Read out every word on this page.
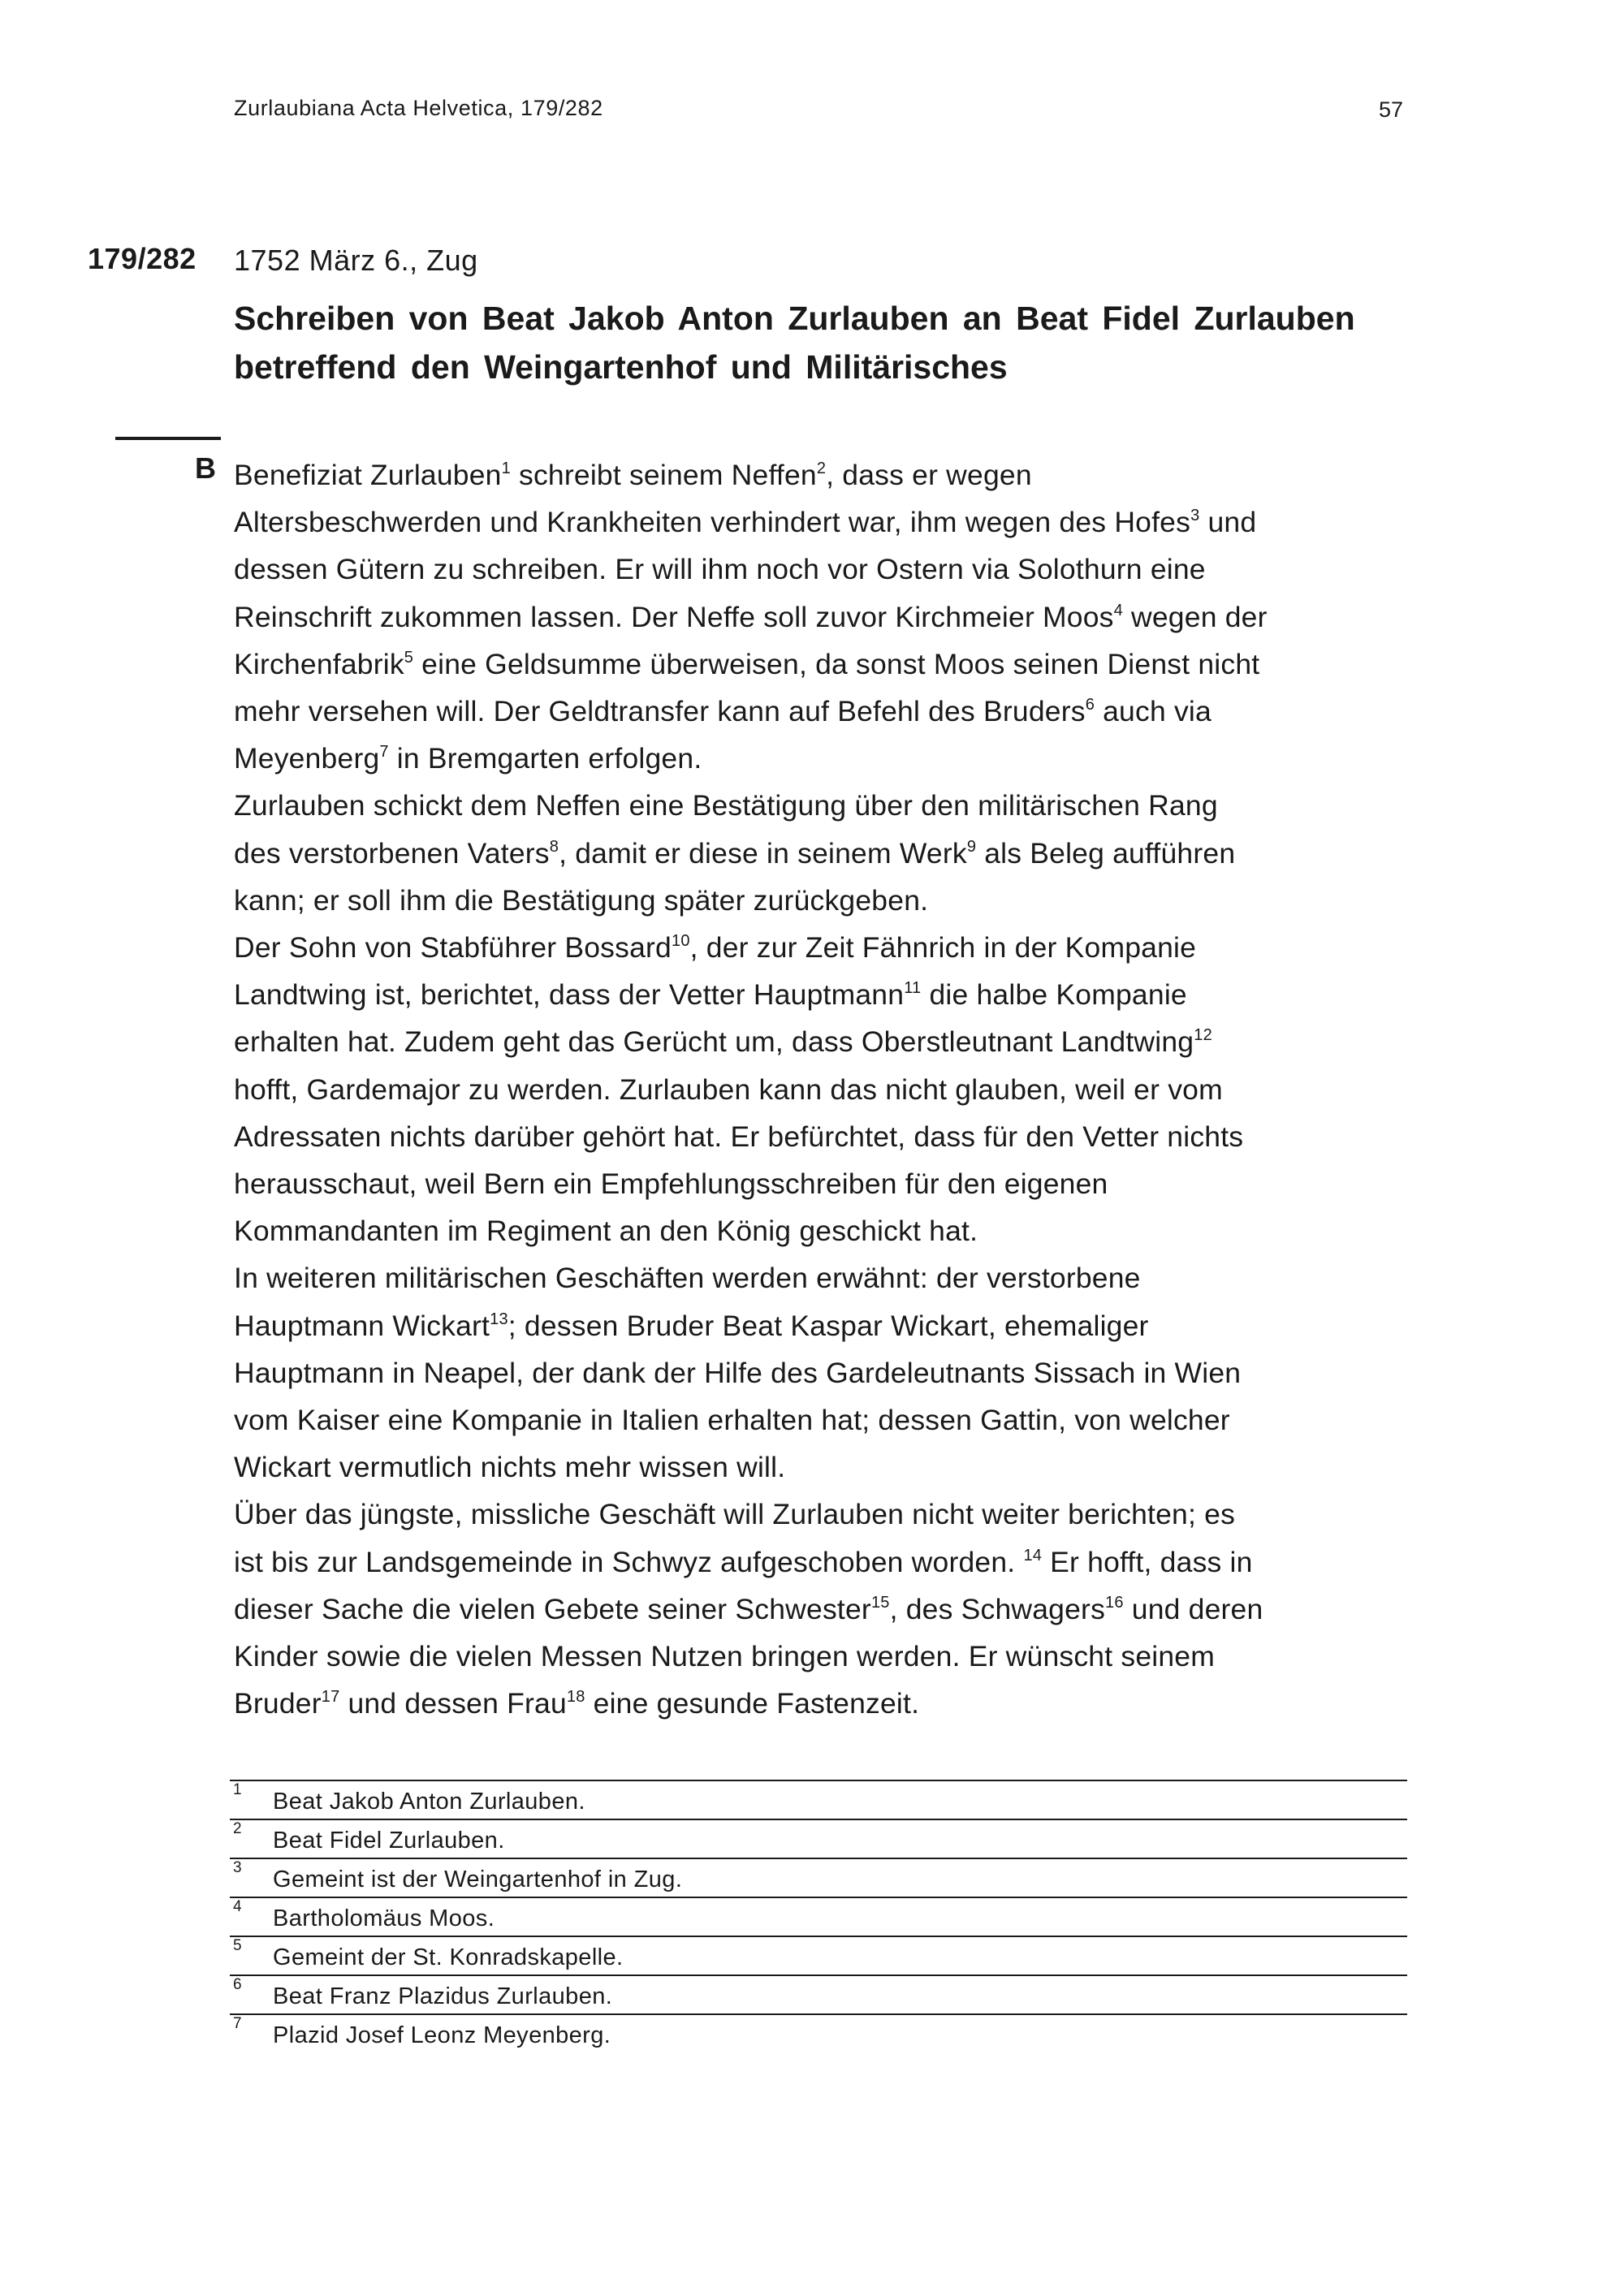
Zurlaubiana Acta Helvetica, 179/282	57
179/282 1752 März 6., Zug
Schreiben von Beat Jakob Anton Zurlauben an Beat Fidel Zurlauben betreffend den Weingartenhof und Militärisches
B Benefiziat Zurlauben$^1$ schreibt seinem Neffen$^2$, dass er wegen
Altersbeschwerden und Krankheiten verhindert war, ihm wegen des Hofes$^3$ und
dessen Gütern zu schreiben. Er will ihm noch vor Ostern via Solothurn eine
Reinschrift zukommen lassen. Der Neffe soll zuvor Kirchmeier Moos$^4$ wegen der
Kirchenfabrik$^5$ eine Geldsumme überweisen, da sonst Moos seinen Dienst nicht
mehr versehen will. Der Geldtransfer kann auf Befehl des Bruders$^6$ auch via
Meyenberg$^7$ in Bremgarten erfolgen.

Zurlauben schickt dem Neffen eine Bestätigung über den militärischen Rang
des verstorbenen Vaters$^8$, damit er diese in seinem Werk$^9$ als Beleg aufführen
kann; er soll ihm die Bestätigung später zurückgeben.

Der Sohn von Stabführer Bossard$^{10}$, der zur Zeit Fähnrich in der Kompanie
Landtwing ist, berichtet, dass der Vetter Hauptmann$^{11}$ die halbe Kompanie
erhalten hat. Zudem geht das Gerücht um, dass Oberstleutnant Landtwing$^{12}$
hofft, Gardemajor zu werden. Zurlauben kann das nicht glauben, weil er vom
Adressaten nichts darüber gehört hat. Er befürchtet, dass für den Vetter nichts
herausschaut, weil Bern ein Empfehlungsschreiben für den eigenen
Kommandanten im Regiment an den König geschickt hat.

In weiteren militärischen Geschäften werden erwähnt: der verstorbene
Hauptmann Wickart$^{13}$; dessen Bruder Beat Kaspar Wickart, ehemaliger
Hauptmann in Neapel, der dank der Hilfe des Gardeleutnants Sissach in Wien
vom Kaiser eine Kompanie in Italien erhalten hat; dessen Gattin, von welcher
Wickart vermutlich nichts mehr wissen will.

Über das jüngste, missliche Geschäft will Zurlauben nicht weiter berichten; es
ist bis zur Landsgemeinde in Schwyz aufgeschoben worden. $^{14}$ Er hofft, dass in
dieser Sache die vielen Gebete seiner Schwester$^{15}$, des Schwagers$^{16}$ und deren
Kinder sowie die vielen Messen Nutzen bringen werden. Er wünscht seinem
Bruder$^{17}$ und dessen Frau$^{18}$ eine gesunde Fastenzeit.

1 Beat Jakob Anton Zurlauben.
2 Beat Fidel Zurlauben.
3 Gemeint ist der Weingartenhof in Zug.
4 Bartholomäus Moos.
5 Gemeint der St. Konradskapelle.
6 Beat Franz Plazidus Zurlauben.
7 Plazid Josef Leonz Meyenberg.
